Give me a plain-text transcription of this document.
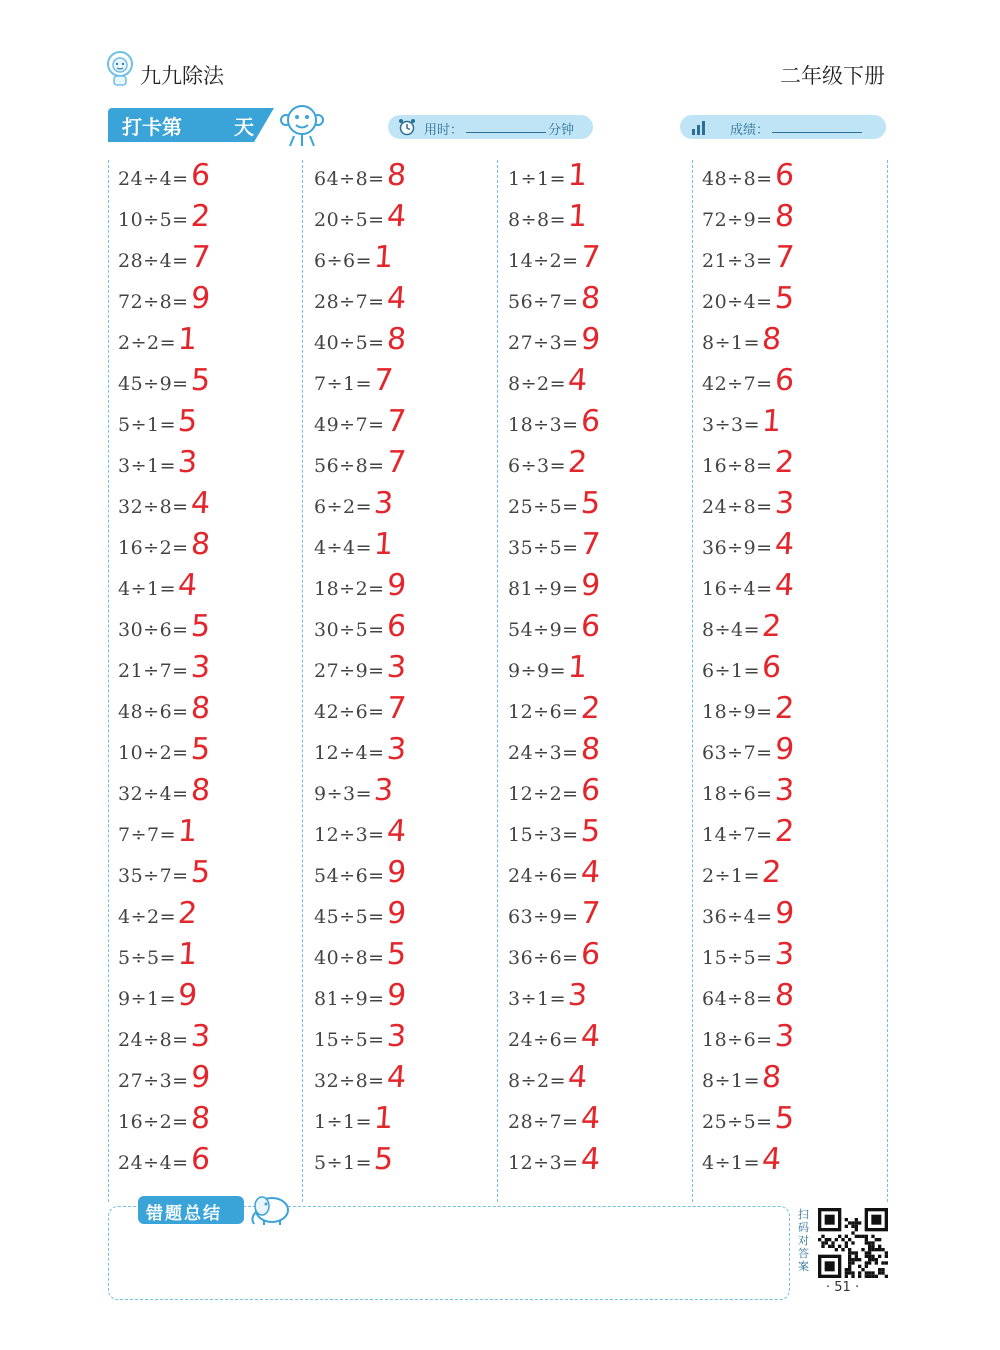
九九除法	二年级下册
打卡第	天	用时：	分钟	成绩：
24÷4= 6
10÷5= 2
28÷4= 7
72÷8= 9
2÷2= 1
45÷9= 5
5÷1= 5
3÷1= 3
32÷8= 4
16÷2= 8
4÷1= 4
30÷6= 5
21÷7= 3
48÷6= 8
10÷2= 5
32÷4= 8
7÷7= 1
35÷7= 5
4÷2= 2
5÷5= 1
9÷1= 9
24÷8= 3
27÷3= 9
16÷2= 8
24÷4= 6
64÷8= 8
20÷5= 4
6÷6= 1
28÷7= 4
40÷5= 8
7÷1= 7
49÷7= 7
56÷8= 7
6÷2= 3
4÷4= 1
18÷2= 9
30÷5= 6
27÷9= 3
42÷6= 7
12÷4= 3
9÷3= 3
12÷3= 4
54÷6= 9
45÷5= 9
40÷8= 5
81÷9= 9
15÷5= 3
32÷8= 4
1÷1= 1
5÷1= 5
1÷1= 1
8÷8= 1
14÷2= 7
56÷7= 8
27÷3= 9
8÷2= 4
18÷3= 6
6÷3= 2
25÷5= 5
35÷5= 7
81÷9= 9
54÷9= 6
9÷9= 1
12÷6= 2
24÷3= 8
12÷2= 6
15÷3= 5
24÷6= 4
63÷9= 7
36÷6= 6
3÷1= 3
24÷6= 4
8÷2= 4
28÷7= 4
12÷3= 4
48÷8= 6
72÷9= 8
21÷3= 7
20÷4= 5
8÷1= 8
42÷7= 6
3÷3= 1
16÷8= 2
24÷8= 3
36÷9= 4
16÷4= 4
8÷4= 2
6÷1= 6
18÷9= 2
63÷7= 9
18÷6= 3
14÷7= 2
2÷1= 2
36÷4= 9
15÷5= 3
64÷8= 8
18÷6= 3
8÷1= 8
25÷5= 5
4÷1= 4
错题总结	扫码对答案
· 51 ·
